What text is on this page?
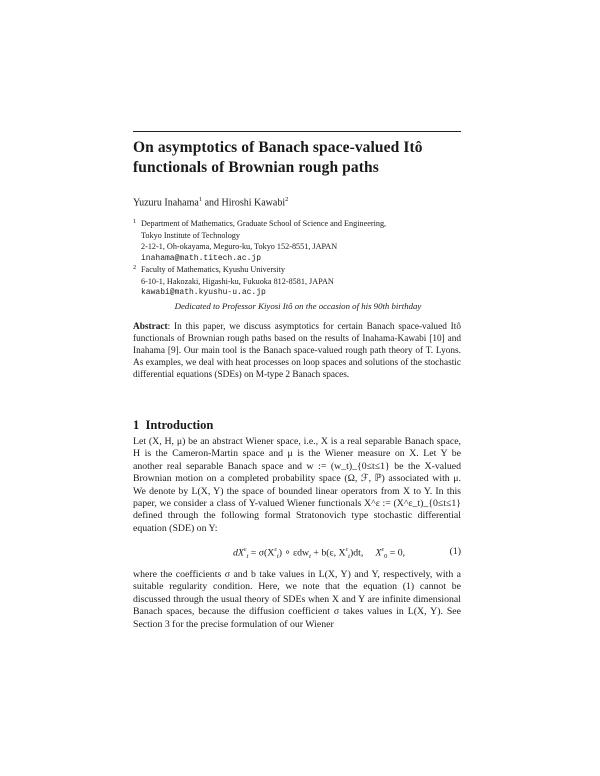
On asymptotics of Banach space-valued Itô functionals of Brownian rough paths
Yuzuru Inahama$^1$ and Hiroshi Kawabi$^2$
1 Department of Mathematics, Graduate School of Science and Engineering,
Tokyo Institute of Technology
2-12-1, Oh-okayama, Meguro-ku, Tokyo 152-8551, JAPAN
inahama@math.titech.ac.jp
2 Faculty of Mathematics, Kyushu University
6-10-1, Hakozaki, Higashi-ku, Fukuoka 812-8581, JAPAN
kawabi@math.kyushu-u.ac.jp
Dedicated to Professor Kiyosi Itô on the occasion of his 90th birthday
Abstract: In this paper, we discuss asymptotics for certain Banach space-valued Itô functionals of Brownian rough paths based on the results of Inahama-Kawabi [10] and Inahama [9]. Our main tool is the Banach space-valued rough path theory of T. Lyons. As examples, we deal with heat processes on loop spaces and solutions of the stochastic differential equations (SDEs) on M-type 2 Banach spaces.
1 Introduction
Let (X, H, μ) be an abstract Wiener space, i.e., X is a real separable Banach space, H is the Cameron-Martin space and μ is the Wiener measure on X. Let Y be another real separable Banach space and w := (w_t)_{0≤t≤1} be the X-valued Brownian motion on a completed probability space (Ω, ℱ, ℙ) associated with μ. We denote by L(X, Y) the space of bounded linear operators from X to Y. In this paper, we consider a class of Y-valued Wiener functionals X^ε := (X^ε_t)_{0≤t≤1} defined through the following formal Stratonovich type stochastic differential equation (SDE) on Y:
$dX^\varepsilon_t = \sigma(X^\varepsilon_t)$ ∘ εdw$_t$ + b(ε, $X^\varepsilon_t)dt$, $X^\varepsilon_0 = 0$,	(1)
where the coefficients σ and b take values in L(X, Y) and Y, respectively, with a suitable regularity condition. Here, we note that the equation (1) cannot be discussed through the usual theory of SDEs when X and Y are infinite dimensional Banach spaces, because the diffusion coefficient σ takes values in L(X, Y). See Section 3 for the precise formulation of our Wiener
